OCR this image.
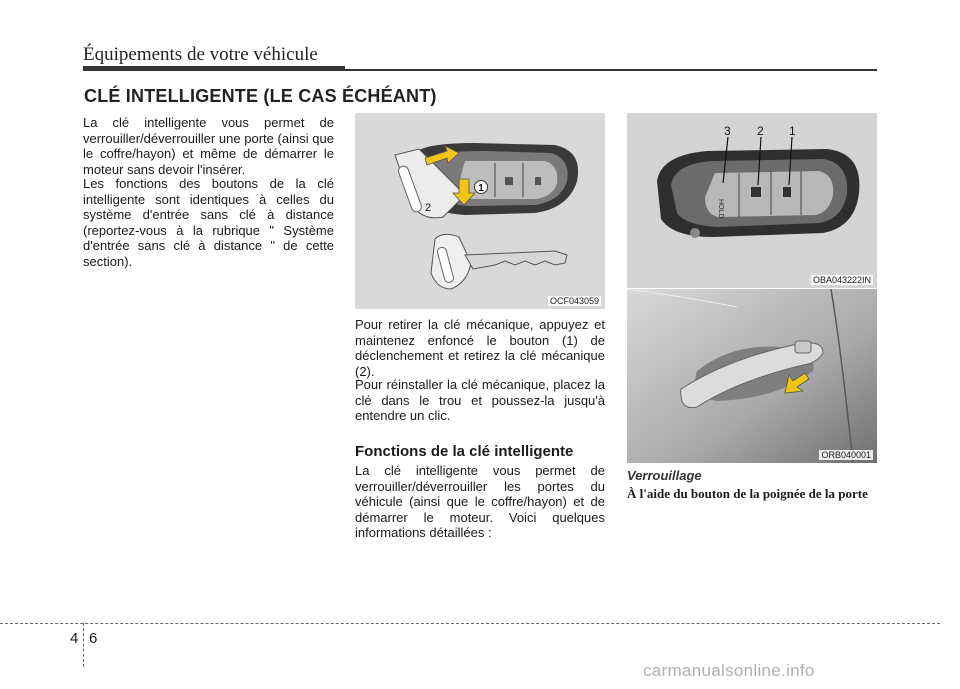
Équipements de votre véhicule
CLÉ INTELLIGENTE (LE CAS ÉCHÉANT)

La clé intelligente vous permet de verrouiller/déverrouiller une porte (ainsi que le coffre/hayon) et même de démarrer le moteur sans devoir l'insérer.

Les fonctions des boutons de la clé intelligente sont identiques à celles du système d'entrée sans clé à distance (reportez-vous à la rubrique " Système d'entrée sans clé à distance " de cette section).

1
2
OCF043059
HOLD
3 2 1
OBA043222IN
ORB040001

Pour retirer la clé mécanique, appuyez et maintenez enfoncé le bouton (1) de déclenchement et retirez la clé mécanique (2).

Pour réinstaller la clé mécanique, placez la clé dans le trou et poussez-la jusqu'à entendre un clic.

Fonctions de la clé intelligente

La clé intelligente vous permet de verrouiller/déverrouiller les portes du véhicule (ainsi que le coffre/hayon) et de démarrer le moteur. Voici quelques informations détaillées :

Verrouillage
À l'aide du bouton de la poignée de la porte
4 6
carmanualsonline.info
